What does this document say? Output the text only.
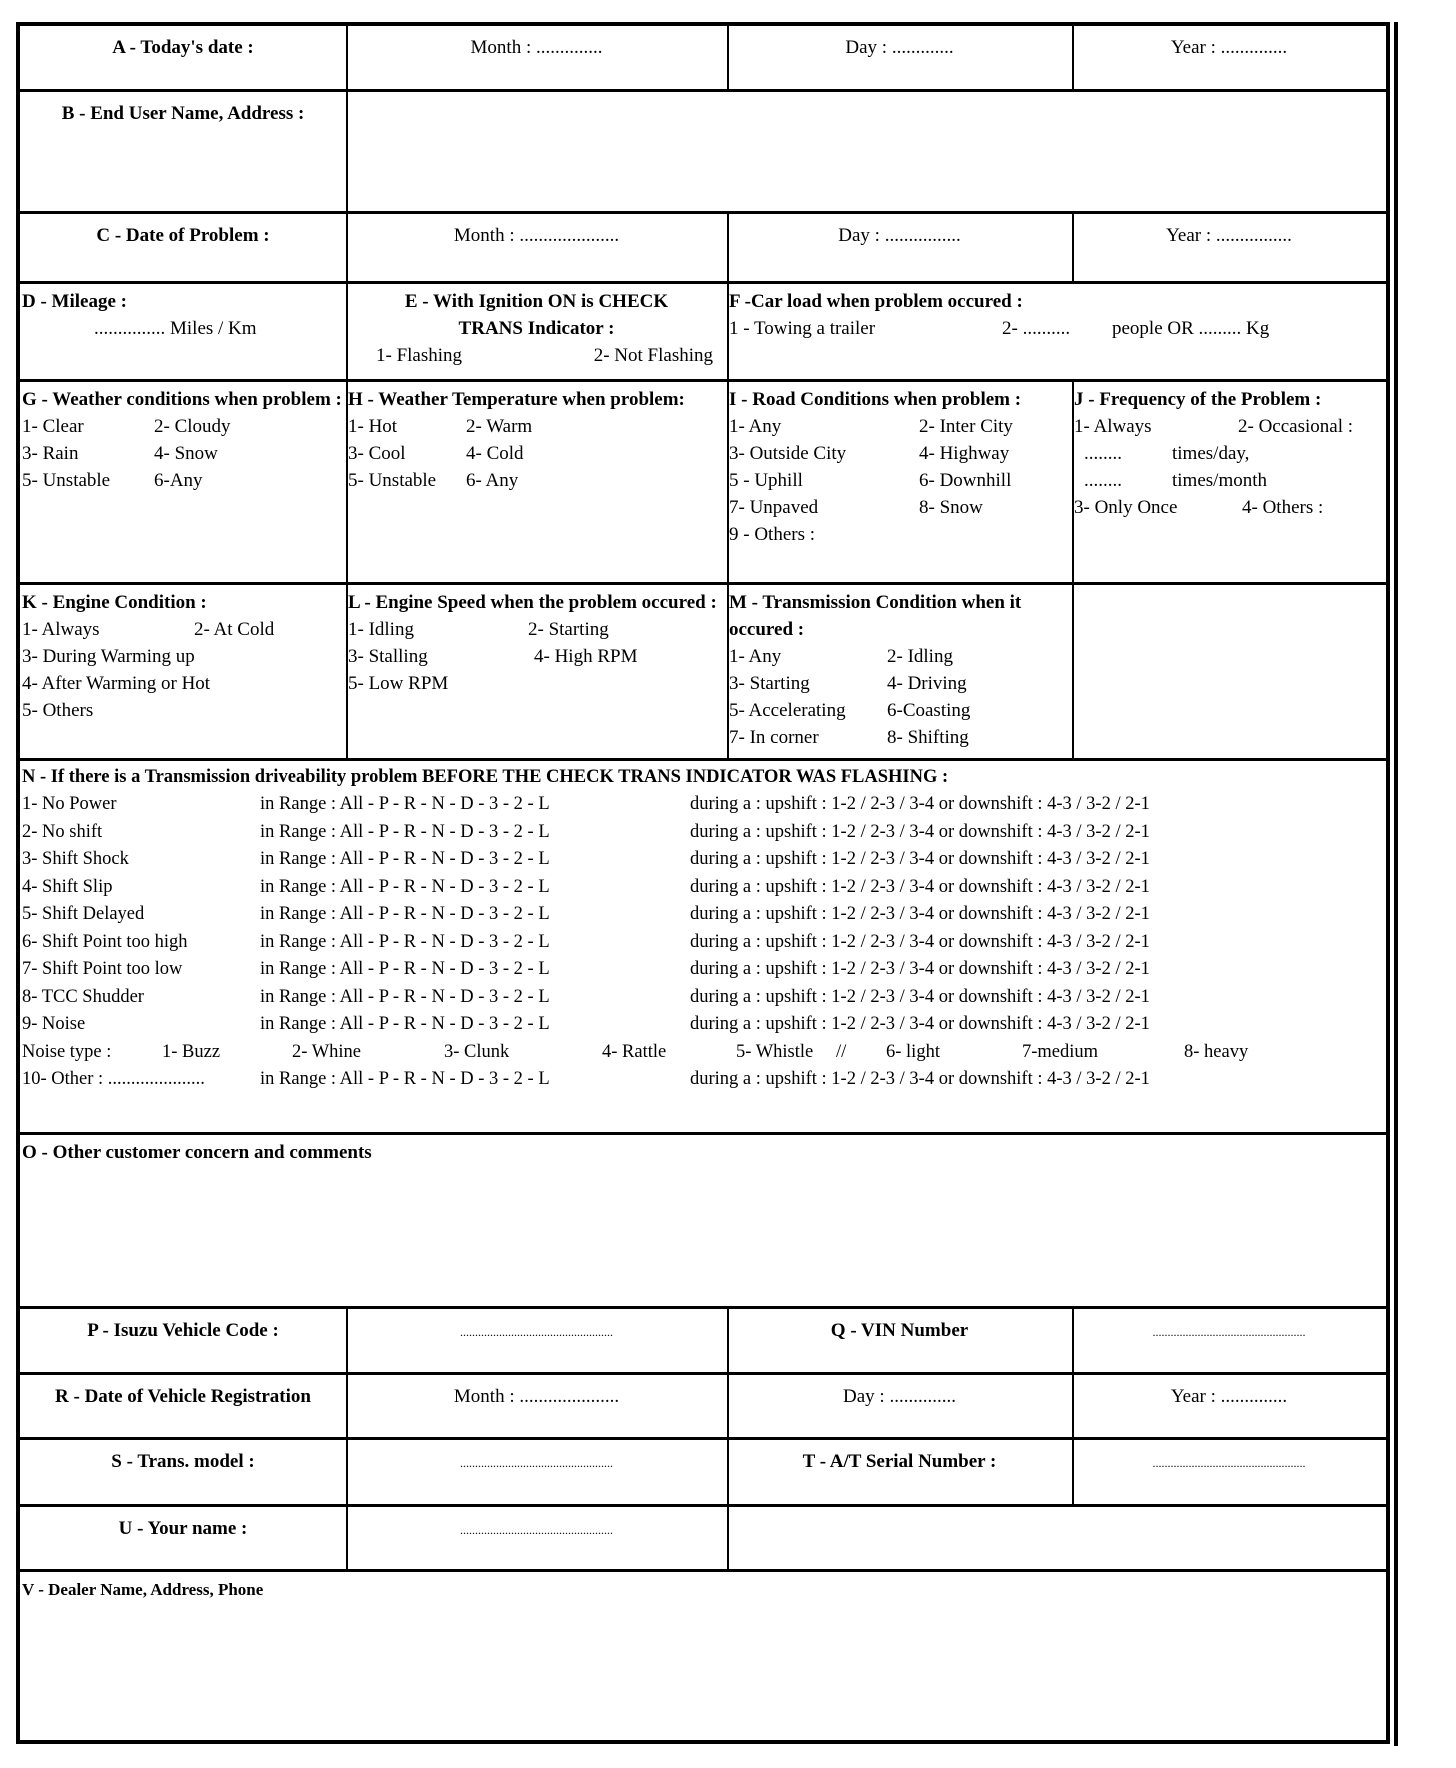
A - Today's date :	Month : ..............	Day : .............	Year : ..............
B - End User Name, Address :
C - Date of Problem :	Month : .....................	Day : ................	Year : ................
D - Mileage :
............... Miles / Km
E - With Ignition ON is CHECK
TRANS Indicator :
1- Flashing	2- Not Flashing
F -Car load when problem occured :
1 - Towing a trailer	2- ..........	people OR ......... Kg
G - Weather conditions when problem :
1- Clear	2- Cloudy
3- Rain	4- Snow
5- Unstable	6-Any
H - Weather Temperature when problem:
1- Hot	2- Warm
3- Cool	4- Cold
5- Unstable	6- Any
I - Road Conditions when problem :
1- Any	2- Inter City
3- Outside City	4- Highway
5 - Uphill	6- Downhill
7- Unpaved	8- Snow
9 - Others :
J - Frequency of the Problem :
1- Always	2- Occasional :
........	times/day,
........	times/month
3- Only Once	4- Others :
K - Engine Condition :
1- Always	2- At Cold
3- During Warming up
4- After Warming or Hot
5- Others
L - Engine Speed when the problem occured :
1- Idling	2- Starting
3- Stalling	4- High RPM
5- Low RPM
M - Transmission Condition when it occured :
1- Any	2- Idling
3- Starting	4- Driving
5- Accelerating	6-Coasting
7- In corner	8- Shifting
N - If there is a Transmission driveability problem BEFORE THE CHECK TRANS INDICATOR WAS FLASHING :
1- No Power	in Range : All - P - R - N - D - 3 - 2 - L	during a : upshift : 1-2 / 2-3 / 3-4 or downshift : 4-3 / 3-2 / 2-1
2- No shift	in Range : All - P - R - N - D - 3 - 2 - L	during a : upshift : 1-2 / 2-3 / 3-4 or downshift : 4-3 / 3-2 / 2-1
3- Shift Shock	in Range : All - P - R - N - D - 3 - 2 - L	during a : upshift : 1-2 / 2-3 / 3-4 or downshift : 4-3 / 3-2 / 2-1
4- Shift Slip	in Range : All - P - R - N - D - 3 - 2 - L	during a : upshift : 1-2 / 2-3 / 3-4 or downshift : 4-3 / 3-2 / 2-1
5- Shift Delayed	in Range : All - P - R - N - D - 3 - 2 - L	during a : upshift : 1-2 / 2-3 / 3-4 or downshift : 4-3 / 3-2 / 2-1
6- Shift Point too high	in Range : All - P - R - N - D - 3 - 2 - L	during a : upshift : 1-2 / 2-3 / 3-4 or downshift : 4-3 / 3-2 / 2-1
7- Shift Point too low	in Range : All - P - R - N - D - 3 - 2 - L	during a : upshift : 1-2 / 2-3 / 3-4 or downshift : 4-3 / 3-2 / 2-1
8- TCC Shudder	in Range : All - P - R - N - D - 3 - 2 - L	during a : upshift : 1-2 / 2-3 / 3-4 or downshift : 4-3 / 3-2 / 2-1
9- Noise	in Range : All - P - R - N - D - 3 - 2 - L	during a : upshift : 1-2 / 2-3 / 3-4 or downshift : 4-3 / 3-2 / 2-1
Noise type :	1- Buzz	2- Whine	3- Clunk	4- Rattle	5- Whistle	//	6- light	7-medium	8- heavy
10- Other : .....................	in Range : All - P - R - N - D - 3 - 2 - L	during a : upshift : 1-2 / 2-3 / 3-4 or downshift : 4-3 / 3-2 / 2-1
O - Other customer concern and comments
P - Isuzu Vehicle Code :	...................................................	Q - VIN Number	...................................................
R - Date of Vehicle Registration	Month : .....................	Day : ..............	Year : ..............
S - Trans. model :	...................................................	T - A/T Serial Number :	...................................................
U - Your name :	...................................................
V - Dealer Name, Address, Phone
